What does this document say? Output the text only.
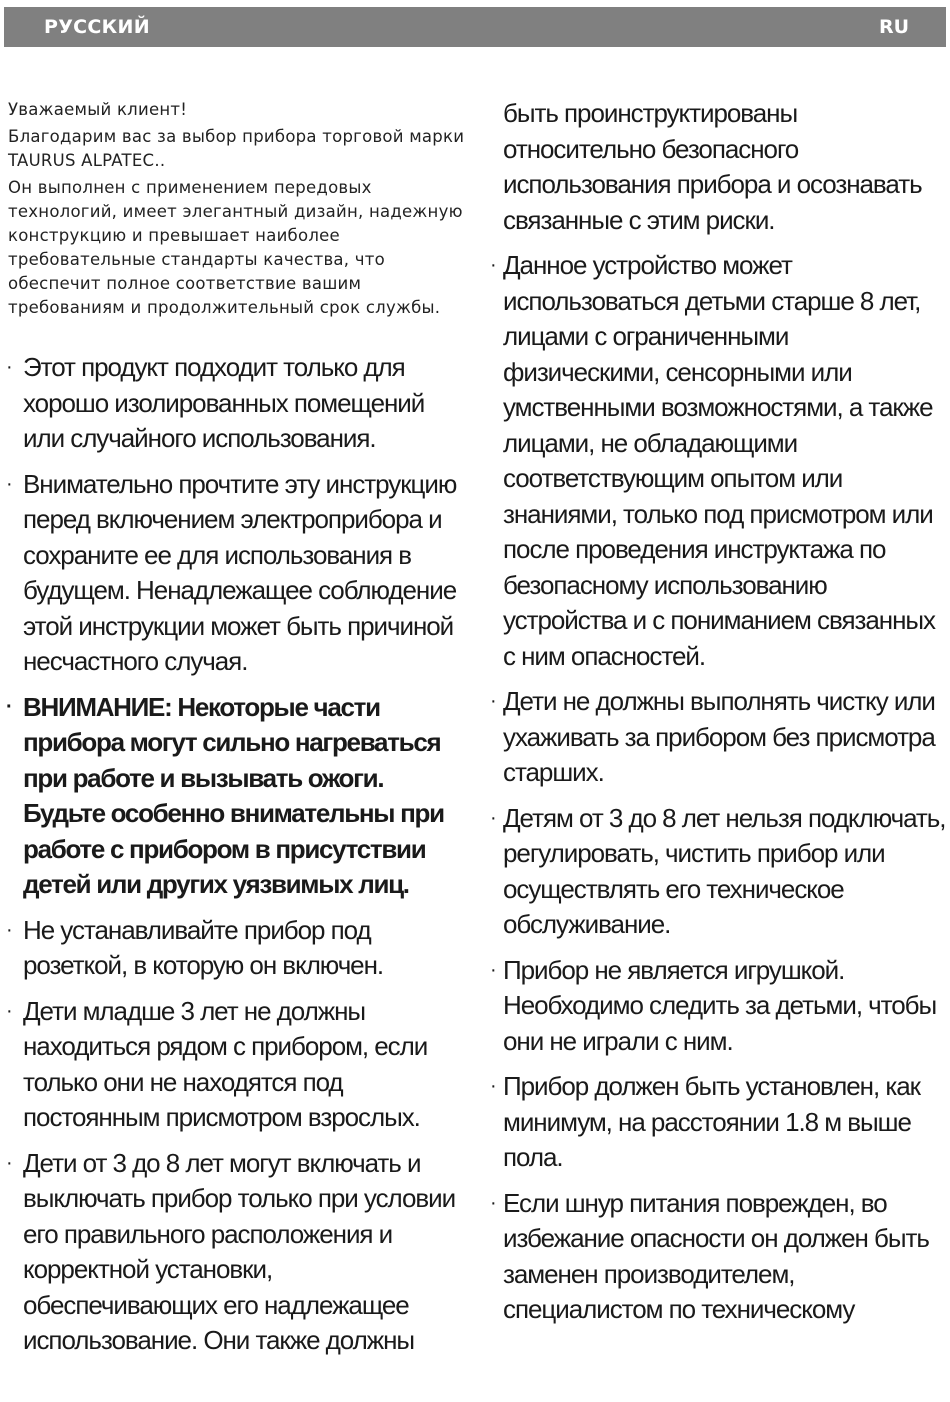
РУССКИЙ	RU

Уважаемый клиент!

Благодарим вас за выбор прибора торговой марки TAURUS ALPATEC..

Он выполнен с применением передовых технологий, имеет элегантный дизайн, надежную конструкцию и превышает наиболее требовательные стандарты качества, что обеспечит полное соответствие вашим требованиям и продолжительный срок службы.

· Этот продукт подходит только для хорошо изолированных помещений или случайного использования.
· Внимательно прочтите эту инструкцию перед включением электроприбора и сохраните ее для использования в будущем. Ненадлежащее соблюдение этой инструкции может быть причиной несчастного случая.
· ВНИМАНИЕ: Некоторые части прибора могут сильно нагреваться при работе и вызывать ожоги. Будьте особенно внимательны при работе с прибором в присутствии детей или других уязвимых лиц.
· Не устанавливайте прибор под розеткой, в которую он включен.
· Дети младше 3 лет не должны находиться рядом с прибором, если только они не находятся под постоянным присмотром взрослых.
· Дети от 3 до 8 лет могут включать и выключать прибор только при условии его правильного расположения и корректной установки, обеспечивающих его надлежащее использование. Они также должны
быть проинструктированы относительно безопасного использования прибора и осознавать связанные с этим риски.
· Данное устройство может использоваться детьми старше 8 лет, лицами с ограниченными физическими, сенсорными или умственными возможностями, а также лицами, не обладающими соответствующим опытом или знаниями, только под присмотром или после проведения инструктажа по безопасному использованию устройства и с пониманием связанных с ним опасностей.
· Дети не должны выполнять чистку или ухаживать за прибором без присмотра старших.
· Детям от 3 до 8 лет нельзя подключать, регулировать, чистить прибор или осуществлять его техническое обслуживание.
· Прибор не является игрушкой. Необходимо следить за детьми, чтобы они не играли с ним.
· Прибор должен быть установлен, как минимум, на расстоянии 1.8 м выше пола.
· Если шнур питания поврежден, во избежание опасности он должен быть заменен производителем, специалистом по техническому
